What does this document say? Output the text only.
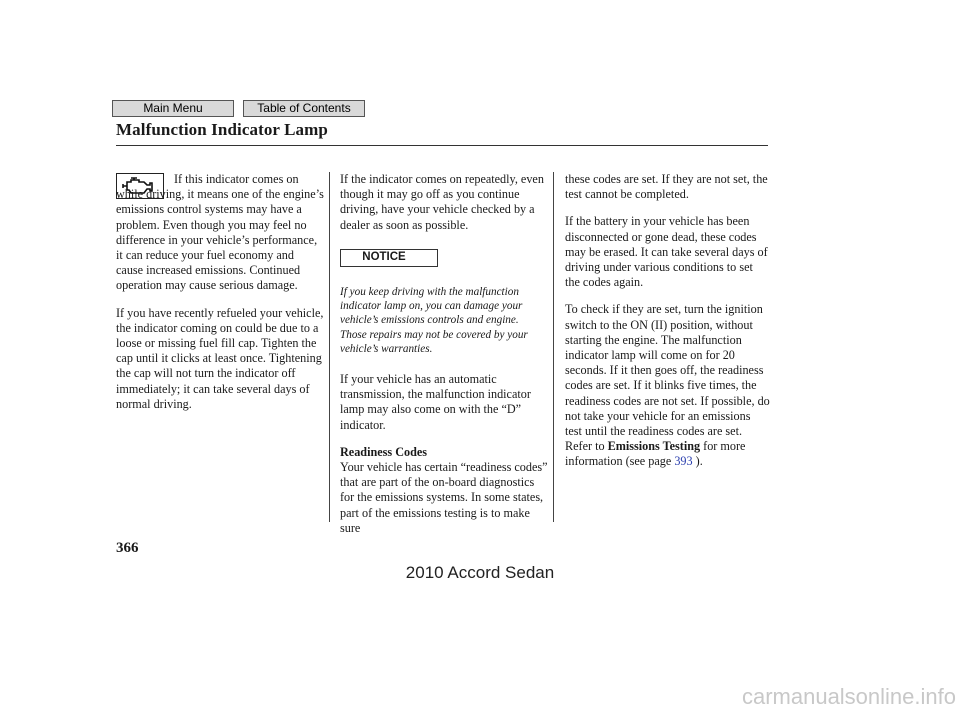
Main Menu	Table of Contents
Malfunction Indicator Lamp

If this indicator comes on while driving, it means one of the engine’s emissions control systems may have a problem. Even though you may feel no difference in your vehicle’s performance, it can reduce your fuel economy and cause increased emissions. Continued operation may cause serious damage.

If you have recently refueled your vehicle, the indicator coming on could be due to a loose or missing fuel fill cap. Tighten the cap until it clicks at least once. Tightening the cap will not turn the indicator off immediately; it can take several days of normal driving.

If the indicator comes on repeatedly, even though it may go off as you continue driving, have your vehicle checked by a dealer as soon as possible.

NOTICE

If you keep driving with the malfunction indicator lamp on, you can damage your vehicle’s emissions controls and engine. Those repairs may not be covered by your vehicle’s warranties.

If your vehicle has an automatic transmission, the malfunction indicator lamp may also come on with the “D” indicator.

Readiness Codes

Your vehicle has certain “readiness codes” that are part of the on-board diagnostics for the emissions systems. In some states, part of the emissions testing is to make sure

these codes are set. If they are not set, the test cannot be completed.

If the battery in your vehicle has been disconnected or gone dead, these codes may be erased. It can take several days of driving under various conditions to set the codes again.

To check if they are set, turn the ignition switch to the ON (II) position, without starting the engine. The malfunction indicator lamp will come on for 20 seconds. If it then goes off, the readiness codes are set. If it blinks five times, the readiness codes are not set. If possible, do not take your vehicle for an emissions test until the readiness codes are set. Refer to Emissions Testing for more information (see page 393 ).

366
2010 Accord Sedan
carmanualsonline.info
